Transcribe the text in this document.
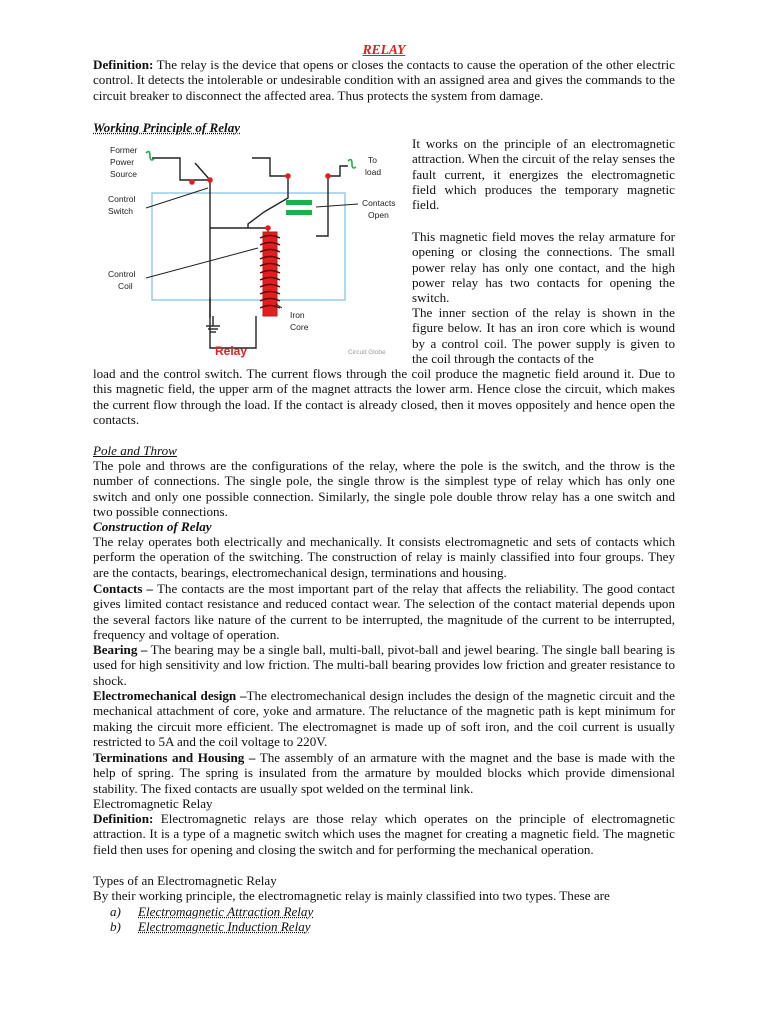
RELAY

Definition: The relay is the device that opens or closes the contacts to cause the operation of the other electric control. It detects the intolerable or undesirable condition with an assigned area and gives the commands to the circuit breaker to disconnect the affected area. Thus protects the system from damage.

Working Principle of Relay
Former
Power
Source
To
load
Control
Switch
Contacts
Open
Control
Coil
Iron
Core
Relay	Circuit Globe

It works on the principle of an electromagnetic attraction. When the circuit of the relay senses the fault current, it energizes the electromagnetic field which produces the temporary magnetic field.

This magnetic field moves the relay armature for opening or closing the connections. The small power relay has only one contact, and the high power relay has two contacts for opening the switch.

The inner section of the relay is shown in the figure below. It has an iron core which is wound by a control coil. The power supply is given to the coil through the contacts of the

load and the control switch. The current flows through the coil produce the magnetic field around it. Due to this magnetic field, the upper arm of the magnet attracts the lower arm. Hence close the circuit, which makes the current flow through the load. If the contact is already closed, then it moves oppositely and hence open the contacts.

Pole and Throw

The pole and throws are the configurations of the relay, where the pole is the switch, and the throw is the number of connections. The single pole, the single throw is the simplest type of relay which has only one switch and only one possible connection. Similarly, the single pole double throw relay has a one switch and two possible connections.

Construction of Relay

The relay operates both electrically and mechanically. It consists electromagnetic and sets of contacts which perform the operation of the switching. The construction of relay is mainly classified into four groups. They are the contacts, bearings, electromechanical design, terminations and housing.

Contacts – The contacts are the most important part of the relay that affects the reliability. The good contact gives limited contact resistance and reduced contact wear. The selection of the contact material depends upon the several factors like nature of the current to be interrupted, the magnitude of the current to be interrupted, frequency and voltage of operation.

Bearing – The bearing may be a single ball, multi-ball, pivot-ball and jewel bearing. The single ball bearing is used for high sensitivity and low friction. The multi-ball bearing provides low friction and greater resistance to shock.

Electromechanical design –The electromechanical design includes the design of the magnetic circuit and the mechanical attachment of core, yoke and armature. The reluctance of the magnetic path is kept minimum for making the circuit more efficient. The electromagnet is made up of soft iron, and the coil current is usually restricted to 5A and the coil voltage to 220V.

Terminations and Housing – The assembly of an armature with the magnet and the base is made with the help of spring. The spring is insulated from the armature by moulded blocks which provide dimensional stability. The fixed contacts are usually spot welded on the terminal link.

Electromagnetic Relay

Definition: Electromagnetic relays are those relay which operates on the principle of electromagnetic attraction. It is a type of a magnetic switch which uses the magnet for creating a magnetic field. The magnetic field then uses for opening and closing the switch and for performing the mechanical operation.

Types of an Electromagnetic Relay

By their working principle, the electromagnetic relay is mainly classified into two types. These are

a) Electromagnetic Attraction Relay
b) Electromagnetic Induction Relay
